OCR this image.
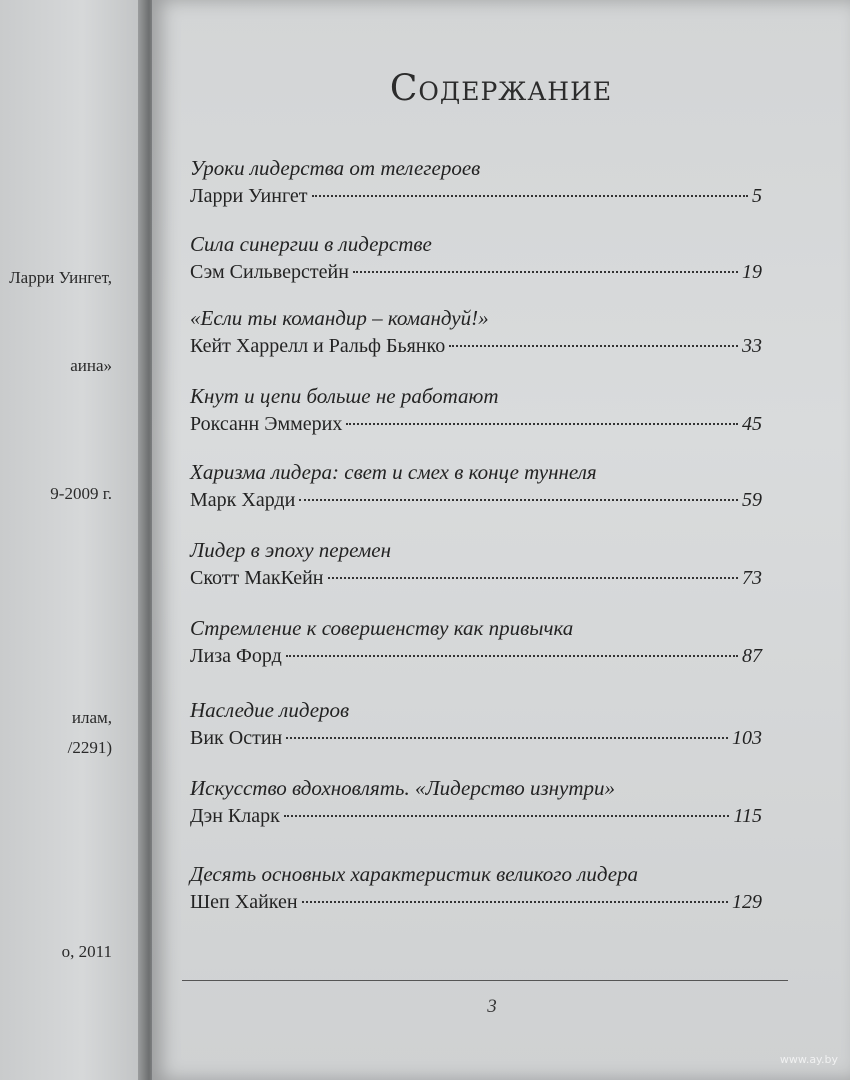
Ларри Уингет,
аина»
9-2009 г.
илам,
/2291)
о, 2011
Содержание
Уроки лидерства от телегероев
Ларри Уингет	5
Сила синергии в лидерстве
Сэм Сильверстейн	19
«Если ты командир – командуй!»
Кейт Харрелл и Ральф Бьянко	33
Кнут и цепи больше не работают
Роксанн Эммерих	45
Харизма лидера: свет и смех в конце туннеля
Марк Харди	59
Лидер в эпоху перемен
Скотт МакКейн	73
Стремление к совершенству как привычка
Лиза Форд	87
Наследие лидеров
Вик Остин	103
Искусство вдохновлять. «Лидерство изнутри»
Дэн Кларк	115
Десять основных характеристик великого лидера
Шеп Хайкен	129
3
www.ay.by
